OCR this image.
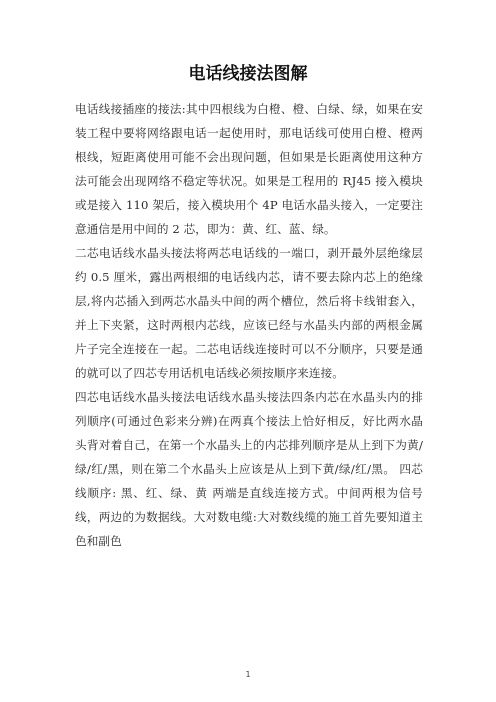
电话线接法图解

电话线接插座的接法:其中四根线为白橙、橙、白绿、绿，如果在安装工程中要将网络跟电话一起使用时，那电话线可使用白橙、橙两根线，短距离使用可能不会出现问题，但如果是长距离使用这种方法可能会出现网络不稳定等状况。如果是工程用的 RJ45 接入模块或是接入 110 架后，接入模块用个 4P 电话水晶头接入，一定要注意通信是用中间的 2 芯，即为：黄、红、蓝、绿。

二芯电话线水晶头接法将两芯电话线的一端口，剥开最外层绝缘层约 0.5 厘米，露出两根细的电话线内芯，请不要去除内芯上的绝缘层,将内芯插入到两芯水晶头中间的两个槽位，然后将卡线钳套入，并上下夹紧，这时两根内芯线，应该已经与水晶头内部的两根金属片子完全连接在一起。二芯电话线连接时可以不分顺序，只要是通的就可以了四芯专用话机电话线必须按顺序来连接。

四芯电话线水晶头接法电话线水晶头接法四条内芯在水晶头内的排列顺序(可通过色彩来分辨)在两真个接法上恰好相反，好比两水晶头背对着自己，在第一个水晶头上的内芯排列顺序是从上到下为黄/绿/红/黑，则在第二个水晶头上应该是从上到下黄/绿/红/黑。 四芯线顺序: 黑、红、绿、黄 两端是直线连接方式。中间两根为信号线，两边的为数据线。大对数电缆:大对数线缆的施工首先要知道主色和副色

1
